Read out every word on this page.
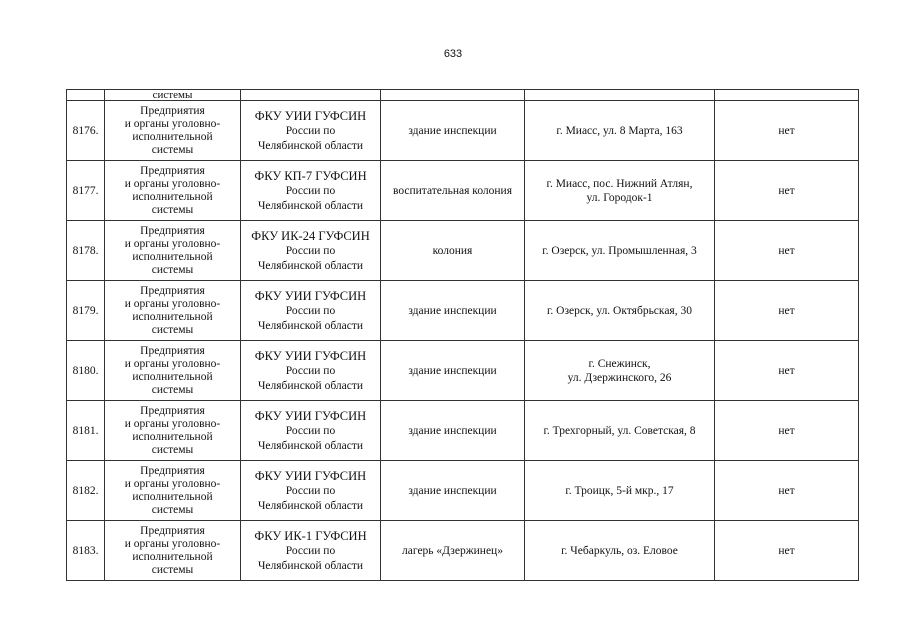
633
	системы				
8176.	Предприятия
и органы уголовно-
исполнительной
системы	ФКУ УИИ ГУФСИН
России по
Челябинской области	здание инспекции	г. Миасс, ул. 8 Марта, 163	нет
8177.	Предприятия
и органы уголовно-
исполнительной
системы	ФКУ КП-7 ГУФСИН
России по
Челябинской области	воспитательная колония	г. Миасс, пос. Нижний Атлян,
ул. Городок-1	нет
8178.	Предприятия
и органы уголовно-
исполнительной
системы	ФКУ ИК-24 ГУФСИН
России по
Челябинской области	колония	г. Озерск, ул. Промышленная, 3	нет
8179.	Предприятия
и органы уголовно-
исполнительной
системы	ФКУ УИИ ГУФСИН
России по
Челябинской области	здание инспекции	г. Озерск, ул. Октябрьская, 30	нет
8180.	Предприятия
и органы уголовно-
исполнительной
системы	ФКУ УИИ ГУФСИН
России по
Челябинской области	здание инспекции	г. Снежинск,
ул. Дзержинского, 26	нет
8181.	Предприятия
и органы уголовно-
исполнительной
системы	ФКУ УИИ ГУФСИН
России по
Челябинской области	здание инспекции	г. Трехгорный, ул. Советская, 8	нет
8182.	Предприятия
и органы уголовно-
исполнительной
системы	ФКУ УИИ ГУФСИН
России по
Челябинской области	здание инспекции	г. Троицк, 5-й мкр., 17	нет
8183.	Предприятия
и органы уголовно-
исполнительной
системы	ФКУ ИК-1 ГУФСИН
России по
Челябинской области	лагерь «Дзержинец»	г. Чебаркуль, оз. Еловое	нет
